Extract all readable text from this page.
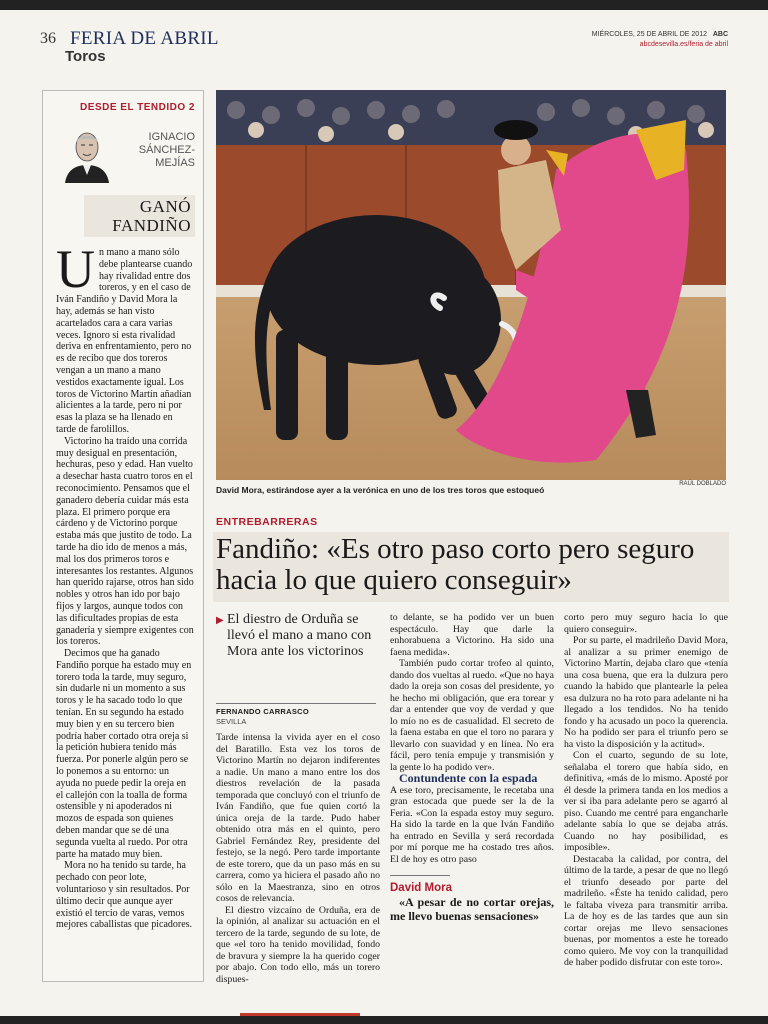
36 FERIA DE ABRIL
Toros
MIÉRCOLES, 25 DE ABRIL DE 2012 ABC
abcdesevilla.es/feria de abril
DESDE EL TENDIDO 2
IGNACIO
SÁNCHEZ-
MEJÍAS
GANÓ
FANDIÑO

Un mano a mano sólo debe plantearse cuando hay rivalidad entre dos toreros, y en el caso de Iván Fandiño y David Mora la hay, además se han visto acartelados cara a cara varias veces. Ignoro si esta rivalidad deriva en enfrentamiento, pero no es de recibo que dos toreros vengan a un mano a mano vestidos exactamente igual. Los toros de Victorino Martín añadían alicientes a la tarde, pero ni por esas la plaza se ha llenado en tarde de farolillos.

Victorino ha traído una corrida muy desigual en presentación, hechuras, peso y edad. Han vuelto a desechar hasta cuatro toros en el reconocimiento. Pensamos que el ganadero debería cuidar más esta plaza. El primero porque era cárdeno y de Victorino porque estaba más que justito de todo. La tarde ha dio ido de menos a más, mal los dos primeros toros e interesantes los restantes. Algunos han querido rajarse, otros han sido nobles y otros han ido por bajo fijos y largos, aunque todos con las dificultades propias de esta ganadería y siempre exigentes con los toreros.

Decimos que ha ganado Fandiño porque ha estado muy en torero toda la tarde, muy seguro, sin dudarle ni un momento a sus toros y le ha sacado todo lo que tenían. En su segundo ha estado muy bien y en su tercero bien podría haber cortado otra oreja si la petición hubiera tenido más fuerza. Por ponerle algún pero se lo ponemos a su entorno: un ayuda no puede pedir la oreja en el callejón con la toalla de forma ostensible y ni apoderados ni mozos de espada son quienes deben mandar que se dé una segunda vuelta al ruedo. Por otra parte ha matado muy bien.

Mora no ha tenido su tarde, ha pechado con peor lote, voluntarioso y sin resultados. Por último decir que aunque ayer existió el tercio de varas, vemos mejores caballistas que picadores.

RAÚL DOBLADO
David Mora, estirándose ayer a la verónica en uno de los tres toros que estoqueó
ENTREBARRERAS
Fandiño: «Es otro paso corto pero seguro hacia lo que quiero conseguir»
▶ El diestro de Orduña se llevó el mano a mano con Mora ante los victorinos
FERNANDO CARRASCO
SEVILLA

Tarde intensa la vivida ayer en el coso del Baratillo. Esta vez los toros de Victorino Martín no dejaron indiferentes a nadie. Un mano a mano entre los dos diestros revelación de la pasada temporada que concluyó con el triunfo de Iván Fandiño, que fue quien cortó la única oreja de la tarde. Pudo haber obtenido otra más en el quinto, pero Gabriel Fernández Rey, presidente del festejo, se la negó. Pero tarde importante de este torero, que da un paso más en su carrera, como ya hiciera el pasado año no sólo en la Maestranza, sino en otros cosos de relevancia.

El diestro vizcaíno de Orduña, era de la opinión, al analizar su actuación en el tercero de la tarde, segundo de su lote, de que «el toro ha tenido movilidad, fondo de bravura y siempre la ha querido coger por abajo. Con todo ello, más un torero dispues-

to delante, se ha podido ver un buen espectáculo. Hay que darle la enhorabuena a Victorino. Ha sido una faena medida».

También pudo cortar trofeo al quinto, dando dos vueltas al ruedo. «Que no haya dado la oreja son cosas del presidente, yo he hecho mi obligación, que era torear y dar a entender que voy de verdad y que lo mío no es de casualidad. El secreto de la faena estaba en que el toro no parara y llevarlo con suavidad y en línea. No era fácil, pero tenía empuje y transmisión y la gente lo ha podido ver».

Contundente con la espada

A ese toro, precisamente, le recetaba una gran estocada que puede ser la de la Feria. «Con la espada estoy muy seguro. Ha sido la tarde en la que Iván Fandiño ha entrado en Sevilla y será recordada por mí porque me ha costado tres años. El de hoy es otro paso

David Mora

«A pesar de no cortar orejas, me llevo buenas sensaciones»

corto pero muy seguro hacia lo que quiero conseguir».

Por su parte, el madrileño David Mora, al analizar a su primer enemigo de Victorino Martín, dejaba claro que «tenía una cosa buena, que era la dulzura pero cuando la habido que plantearle la pelea esa dulzura no ha roto para adelante ni ha llegado a los tendidos. No ha tenido fondo y ha acusado un poco la querencia. No ha podido ser para el triunfo pero se ha visto la disposición y la actitud».

Con el cuarto, segundo de su lote, señalaba el torero que había sido, en definitiva, «más de lo mismo. Aposté por él desde la primera tanda en los medios a ver si iba para adelante pero se agarró al piso. Cuando me centré para engancharle adelante sabía lo que se dejaba atrás. Cuando no hay posibilidad, es imposible».

Destacaba la calidad, por contra, del último de la tarde, a pesar de que no llegó el triunfo deseado por parte del madrileño. «Éste ha tenido calidad, pero le faltaba viveza para transmitir arriba. La de hoy es de las tardes que aun sin cortar orejas me llevo sensaciones buenas, por momentos a este he toreado como quiero. Me voy con la tranquilidad de haber podido disfrutar con este toro».
